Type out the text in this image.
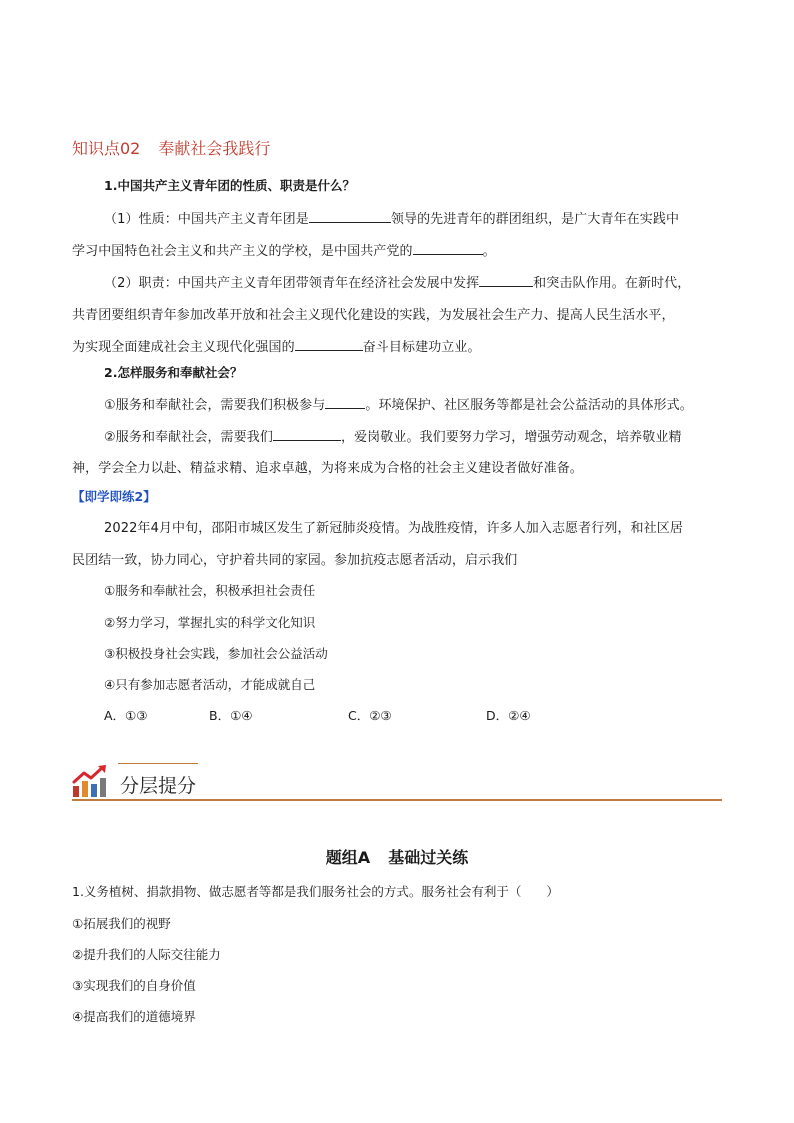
知识点02 奉献社会我践行
1.中国共产主义青年团的性质、职责是什么？
（1）性质：中国共产主义青年团是	领导的先进青年的群团组织，是广大青年在实践中
学习中国特色社会主义和共产主义的学校，是中国共产党的	。
（2）职责：中国共产主义青年团带领青年在经济社会发展中发挥	和突击队作用。在新时代，
共青团要组织青年参加改革开放和社会主义现代化建设的实践，为发展社会生产力、提高人民生活水平，
为实现全面建成社会主义现代化强国的	奋斗目标建功立业。
2.怎样服务和奉献社会？
①服务和奉献社会，需要我们积极参与	。环境保护、社区服务等都是社会公益活动的具体形式。
②服务和奉献社会，需要我们	，爱岗敬业。我们要努力学习，增强劳动观念，培养敬业精
神，学会全力以赴、精益求精、追求卓越，为将来成为合格的社会主义建设者做好准备。
【即学即练2】
2022年4月中旬，邵阳市城区发生了新冠肺炎疫情。为战胜疫情，许多人加入志愿者行列，和社区居
民团结一致，协力同心，守护着共同的家园。参加抗疫志愿者活动，启示我们
①服务和奉献社会，积极承担社会责任
②努力学习，掌握扎实的科学文化知识
③积极投身社会实践，参加社会公益活动
④只有参加志愿者活动，才能成就自己
A．①③	B．①④	C．②③	D．②④
分层提分
题组A 基础过关练
1.义务植树、捐款捐物、做志愿者等都是我们服务社会的方式。服务社会有利于（　　）
①拓展我们的视野
②提升我们的人际交往能力
③实现我们的自身价值
④提高我们的道德境界
